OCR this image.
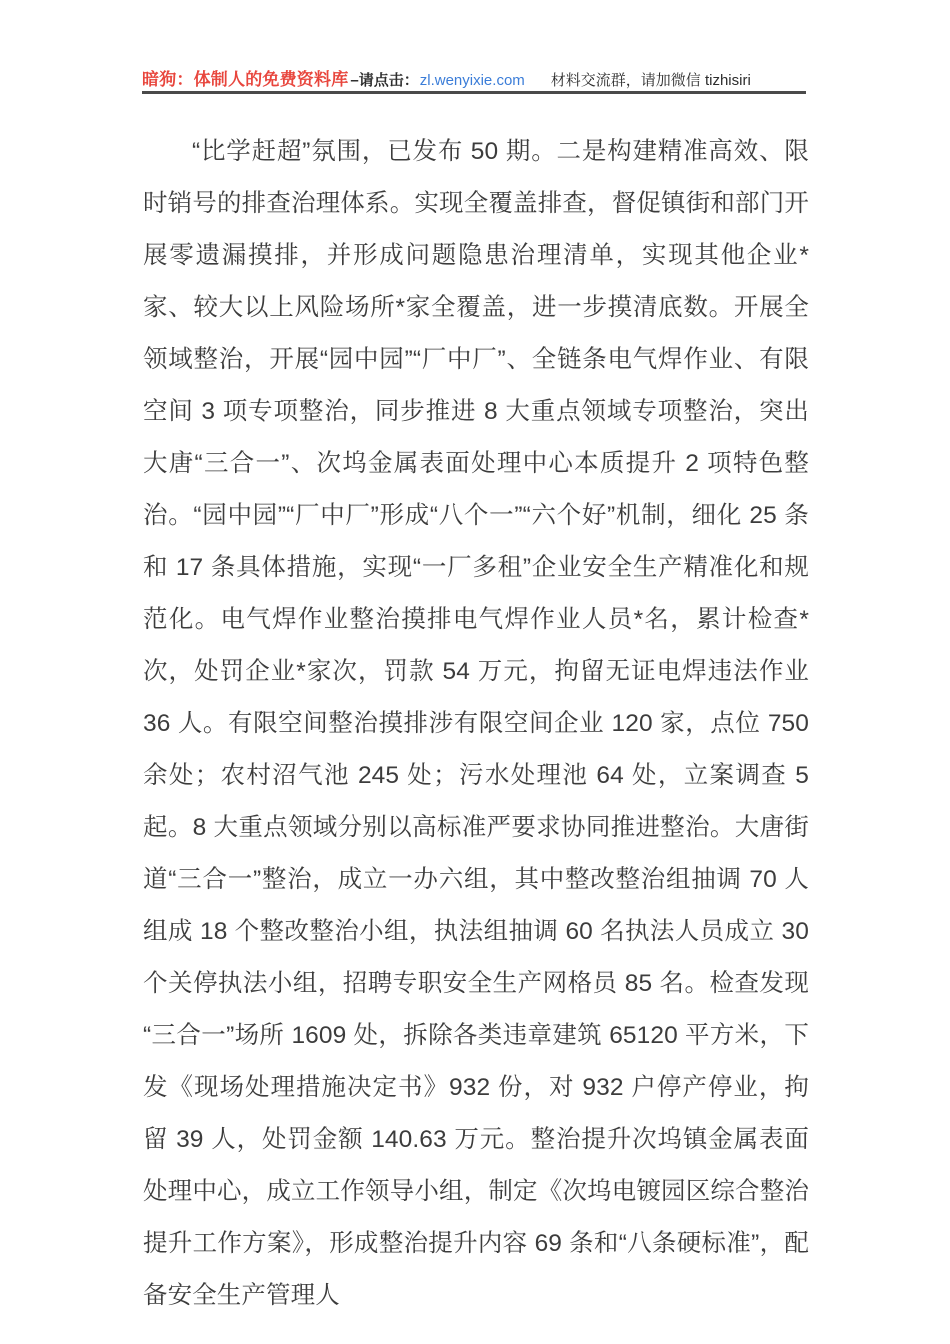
暗狗：体制人的免费资料库 –请点击： zl.wenyixie.com 材料交流群，请加微信 tizhisiri

“比学赶超”氛围，已发布 50 期。二是构建精准高效、限时销号的排查治理体系。实现全覆盖排查，督促镇街和部门开展零遗漏摸排，并形成问题隐患治理清单，实现其他企业*家、较大以上风险场所*家全覆盖，进一步摸清底数。开展全领域整治，开展“园中园”“厂中厂”、全链条电气焊作业、有限空间 3 项专项整治，同步推进 8 大重点领域专项整治，突出大唐“三合一”、次坞金属表面处理中心本质提升 2 项特色整治。“园中园”“厂中厂”形成“八个一”“六个好”机制，细化 25 条和 17 条具体措施，实现“一厂多租”企业安全生产精准化和规范化。电气焊作业整治摸排电气焊作业人员*名，累计检查*次，处罚企业*家次，罚款 54 万元，拘留无证电焊违法作业 36 人。有限空间整治摸排涉有限空间企业 120 家，点位 750 余处；农村沼气池 245 处；污水处理池 64 处，立案调查 5 起。8 大重点领域分别以高标准严要求协同推进整治。大唐街道“三合一”整治，成立一办六组，其中整改整治组抽调 70 人组成 18 个整改整治小组，执法组抽调 60 名执法人员成立 30 个关停执法小组，招聘专职安全生产网格员 85 名。检查发现“三合一”场所 1609 处，拆除各类违章建筑 65120 平方米，下发《现场处理措施决定书》932 份，对 932 户停产停业，拘留 39 人，处罚金额 140.63 万元。整治提升次坞镇金属表面处理中心，成立工作领导小组，制定《次坞电镀园区综合整治提升工作方案》，形成整治提升内容 69 条和“八条硬标准”，配备安全生产管理人
